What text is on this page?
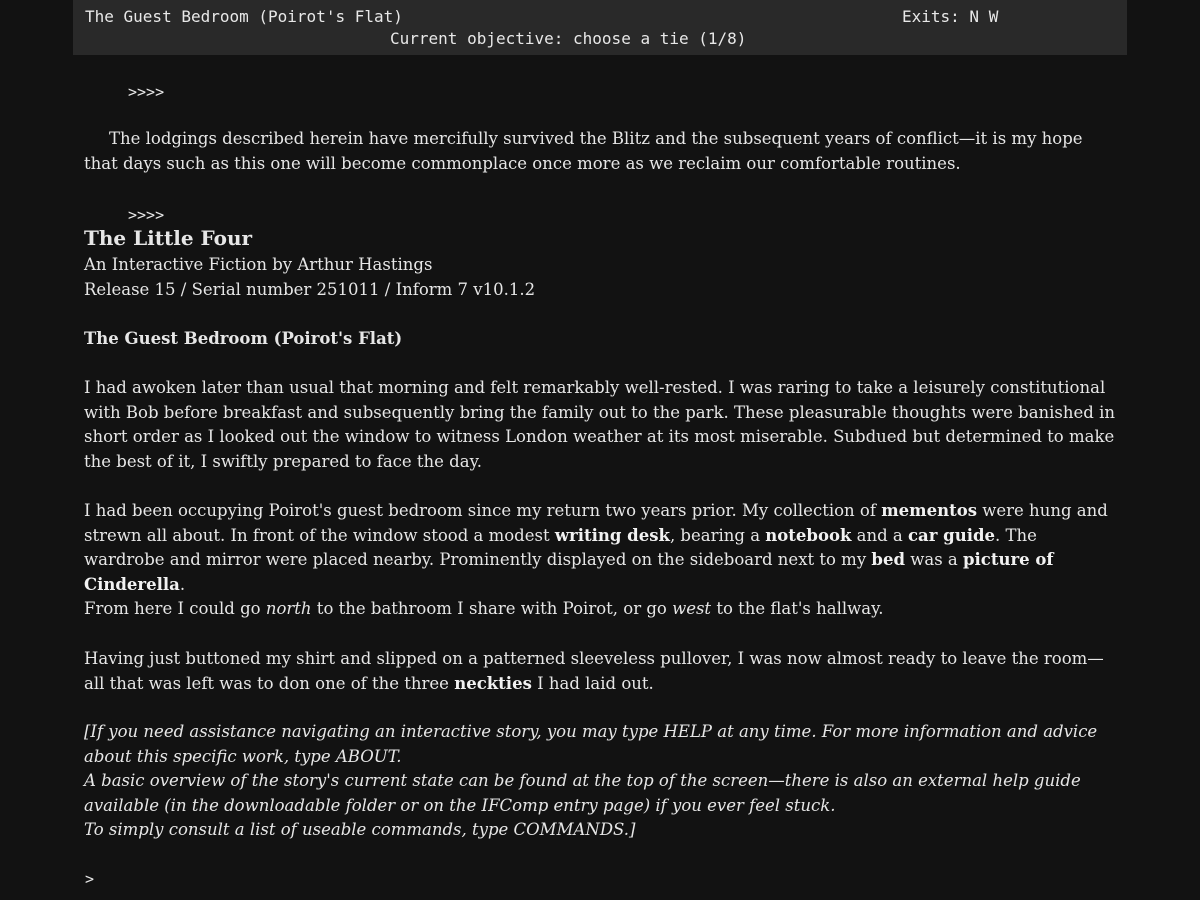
The Guest Bedroom (Poirot's Flat)	Exits: N W
Current objective: choose a tie (1/8)
>>>>
The lodgings described herein have mercifully survived the Blitz and the subsequent years of conflict—it is my hope that days such as this one will become commonplace once more as we reclaim our comfortable routines.
>>>>
The Little Four
An Interactive Fiction by Arthur Hastings
Release 15 / Serial number 251011 / Inform 7 v10.1.2
The Guest Bedroom (Poirot's Flat)
I had awoken later than usual that morning and felt remarkably well-rested. I was raring to take a leisurely constitutional with Bob before breakfast and subsequently bring the family out to the park. These pleasurable thoughts were banished in short order as I looked out the window to witness London weather at its most miserable. Subdued but determined to make the best of it, I swiftly prepared to face the day.
I had been occupying Poirot's guest bedroom since my return two years prior. My collection of mementos were hung and strewn all about. In front of the window stood a modest writing desk, bearing a notebook and a car guide. The wardrobe and mirror were placed nearby. Prominently displayed on the sideboard next to my bed was a picture of Cinderella.
From here I could go north to the bathroom I share with Poirot, or go west to the flat's hallway.
Having just buttoned my shirt and slipped on a patterned sleeveless pullover, I was now almost ready to leave the room—all that was left was to don one of the three neckties I had laid out.
[If you need assistance navigating an interactive story, you may type HELP at any time. For more information and advice about this specific work, type ABOUT.
A basic overview of the story's current state can be found at the top of the screen—there is also an external help guide available (in the downloadable folder or on the IFComp entry page) if you ever feel stuck.
To simply consult a list of useable commands, type COMMANDS.]
>
